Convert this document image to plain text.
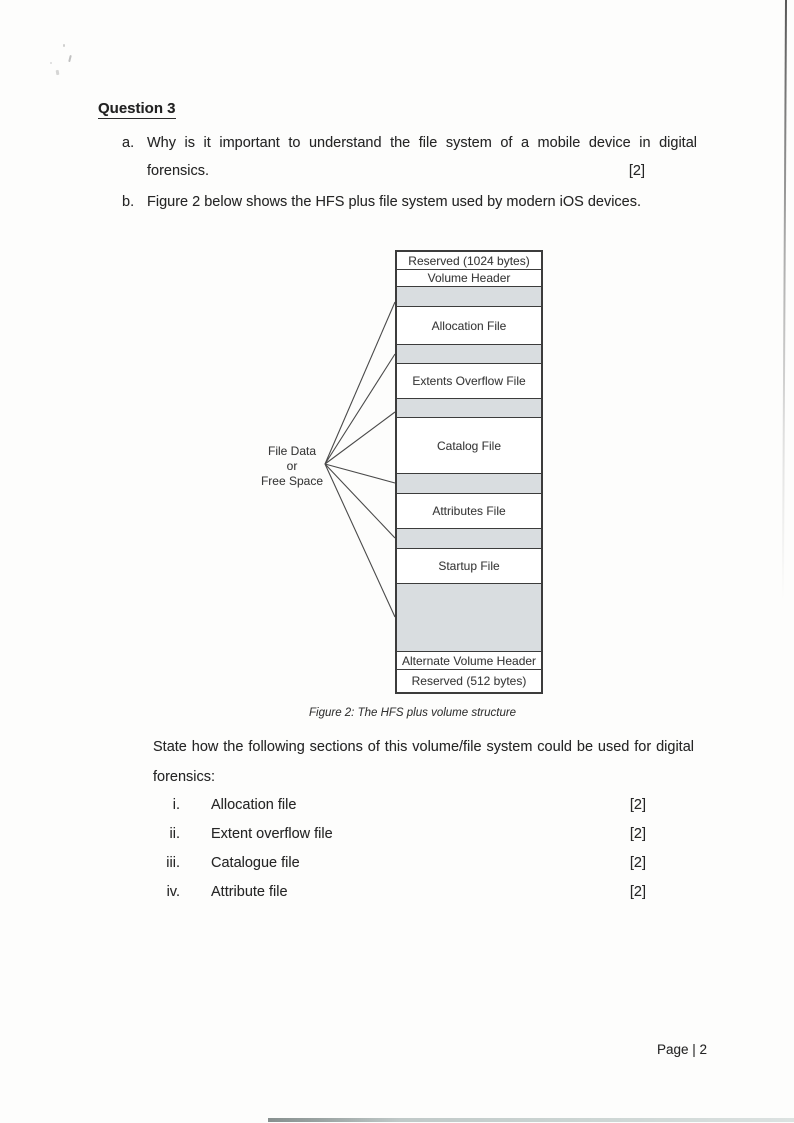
Question 3
a. Why is it important to understand the file system of a mobile device in digital
forensics.	[2]
b. Figure 2 below shows the HFS plus file system used by modern iOS devices.
File Data
or
Free Space
Reserved (1024 bytes)
Volume Header
Allocation File
Extents Overflow File
Catalog File
Attributes File
Startup File
Alternate Volume Header
Reserved (512 bytes)
Figure 2: The HFS plus volume structure
State how the following sections of this volume/file system could be used for digital
forensics:
i. Allocation file	[2]
ii. Extent overflow file	[2]
iii. Catalogue file	[2]
iv. Attribute file	[2]
Page | 2
